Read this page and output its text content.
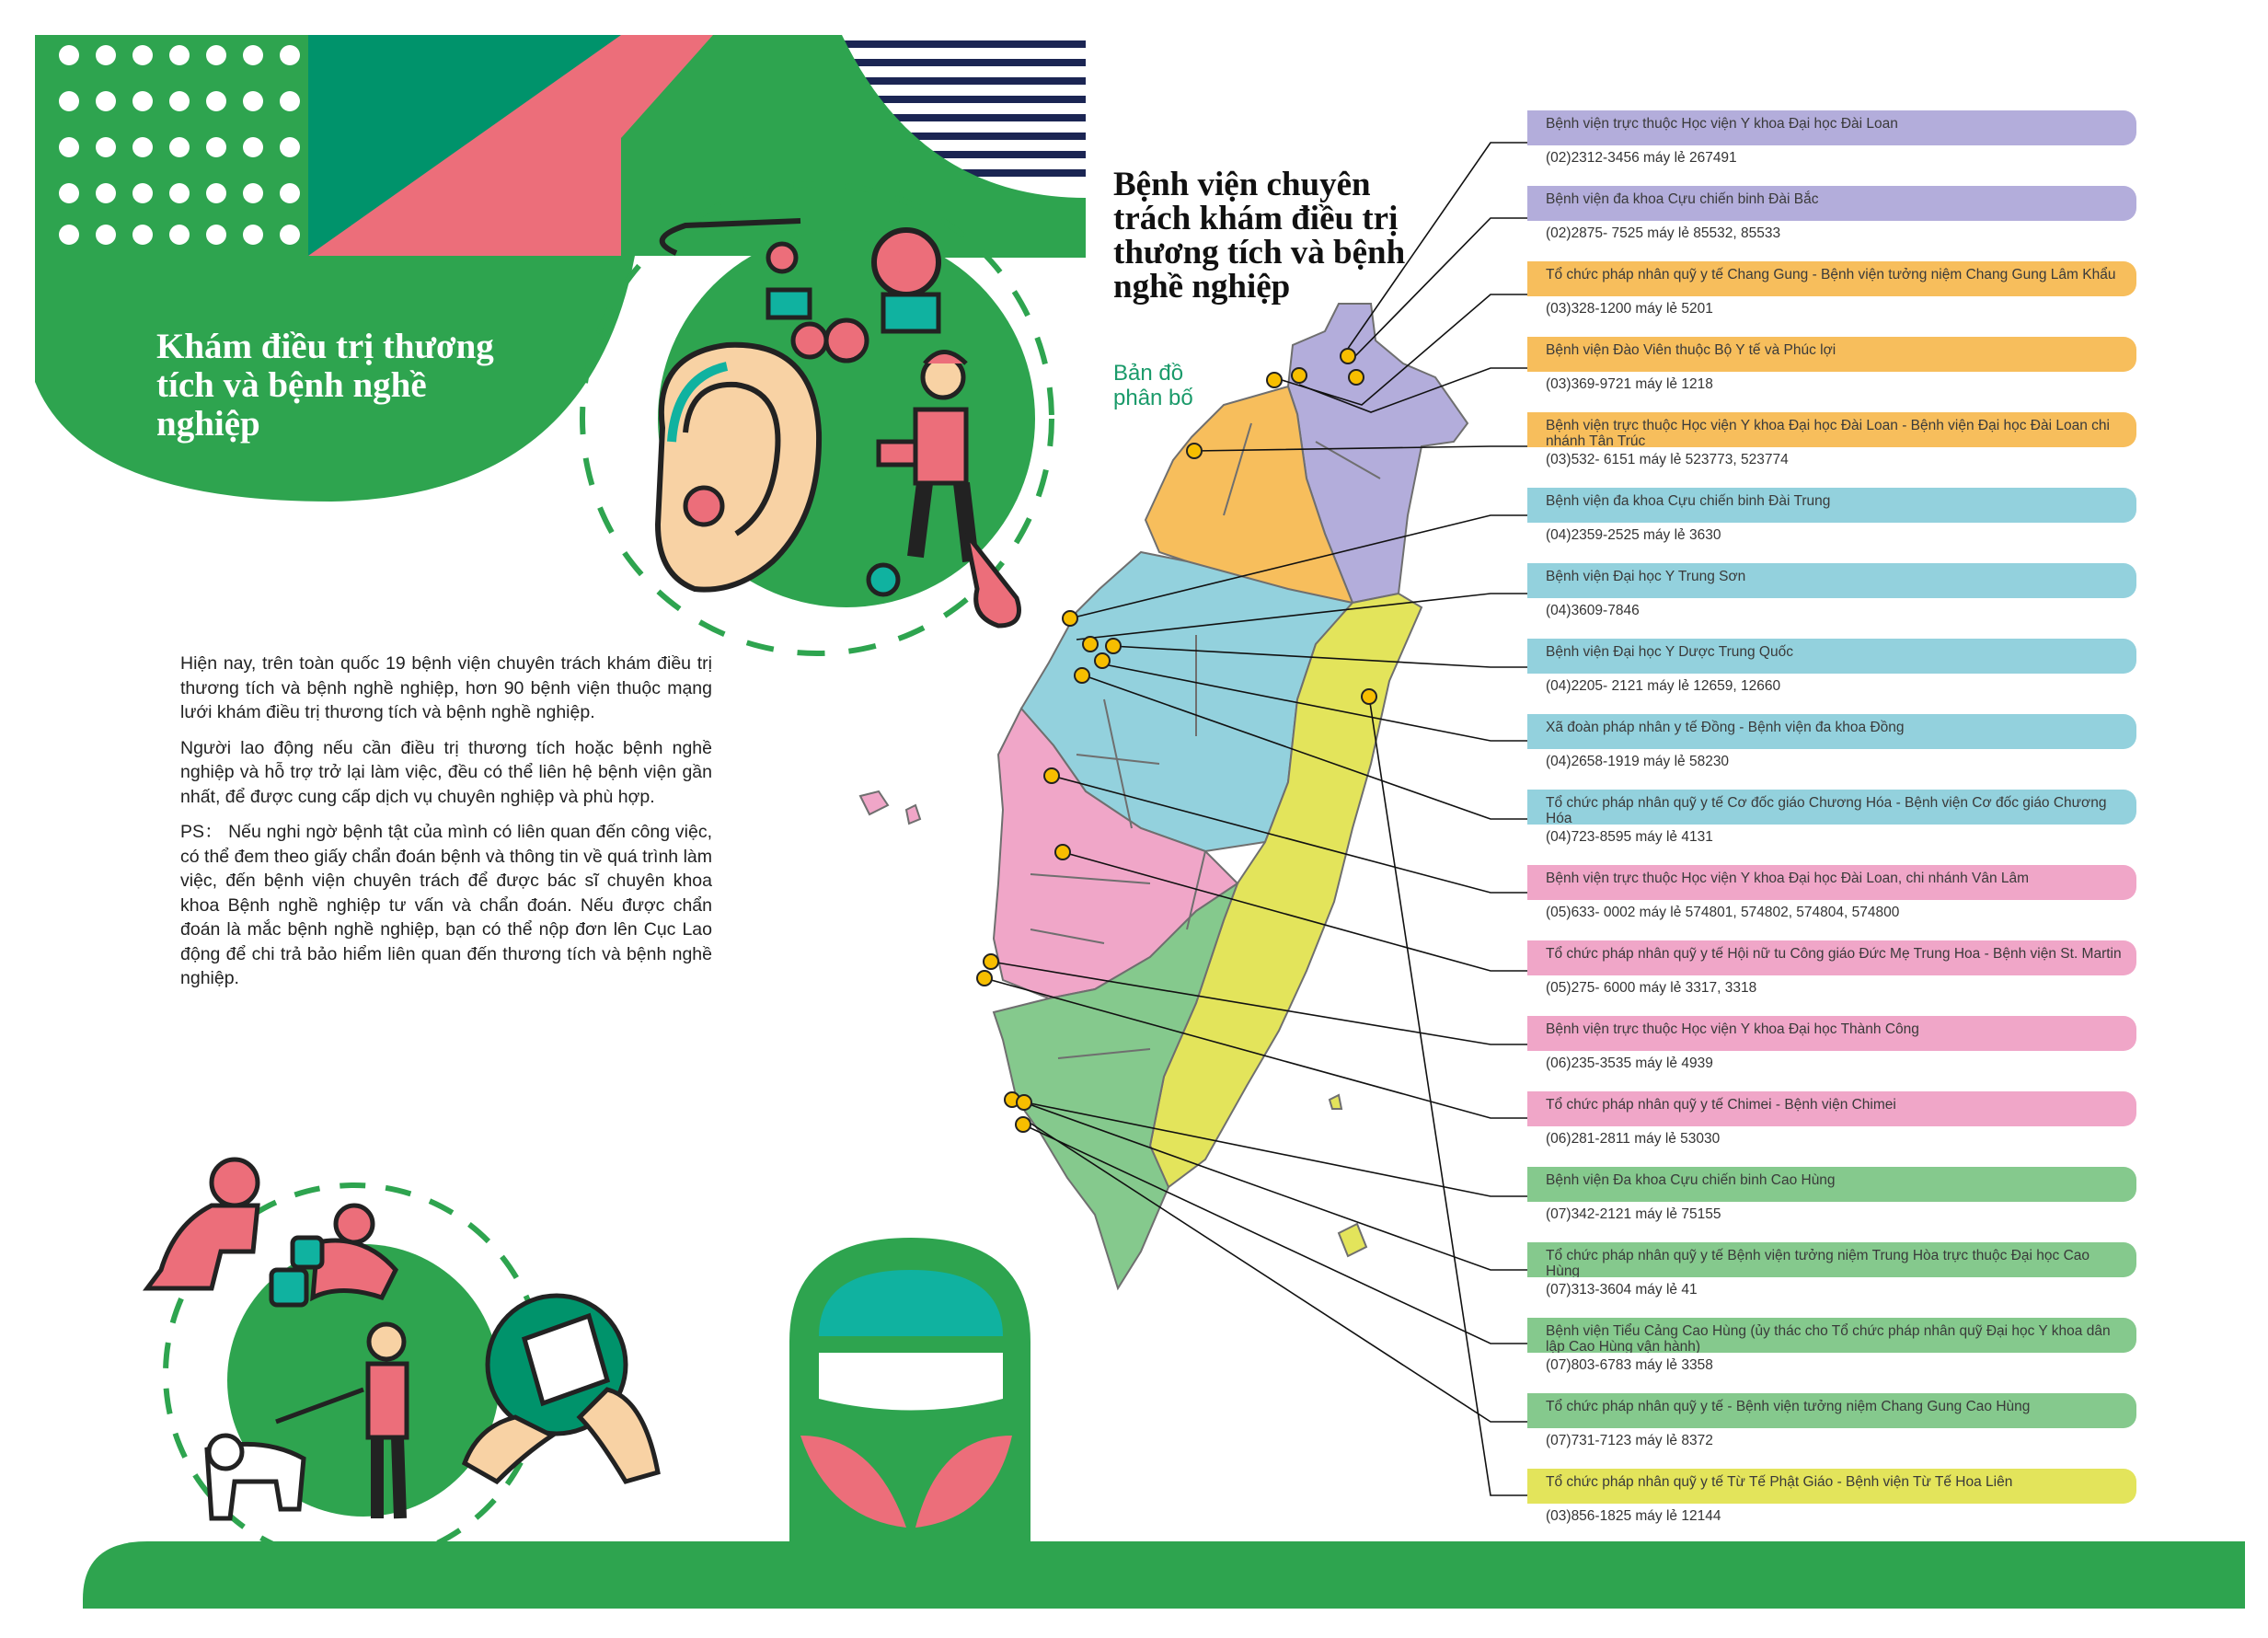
Khám điều trị thương tích và bệnh nghề nghiệp
Bệnh viện chuyên trách khám điều trị thương tích và bệnh nghề nghiệp
Bản đồ phân bố

Hiện nay, trên toàn quốc 19 bệnh viện chuyên trách khám điều trị thương tích và bệnh nghề nghiệp, hơn 90 bệnh viện thuộc mạng lưới khám điều trị thương tích và bệnh nghề nghiệp.

Người lao động nếu cần điều trị thương tích hoặc bệnh nghề nghiệp và hỗ trợ trở lại làm việc, đều có thể liên hệ bệnh viện gần nhất, để được cung cấp dịch vụ chuyên nghiệp và phù hợp.

PS： Nếu nghi ngờ bệnh tật của mình có liên quan đến công việc, có thể đem theo giấy chẩn đoán bệnh và thông tin về quá trình làm việc, đến bệnh viện chuyên trách để được bác sĩ chuyên khoa khoa Bệnh nghề nghiệp tư vấn và chẩn đoán. Nếu được chẩn đoán là mắc bệnh nghề nghiệp, bạn có thể nộp đơn lên Cục Lao động để chi trả bảo hiểm liên quan đến thương tích và bệnh nghề nghiệp.

Bệnh viện trực thuộc Học viện Y khoa Đại học Đài Loan
(02)2312-3456 máy lẻ 267491
Bệnh viện đa khoa Cựu chiến binh Đài Bắc
(02)2875- 7525 máy lẻ 85532, 85533
Tổ chức pháp nhân quỹ y tế Chang Gung - Bệnh viện tưởng niệm Chang Gung Lâm Khẩu
(03)328-1200 máy lẻ 5201
Bệnh viện Đào Viên thuộc Bộ Y tế và Phúc lợi
(03)369-9721 máy lẻ 1218
Bệnh viện trực thuộc Học viện Y khoa Đại học Đài Loan - Bệnh viện Đại học Đài Loan chi nhánh Tân Trúc
(03)532- 6151 máy lẻ 523773, 523774
Bệnh viện đa khoa Cựu chiến binh Đài Trung
(04)2359-2525 máy lẻ 3630
Bệnh viện Đại học Y Trung Sơn
(04)3609-7846
Bệnh viện Đại học Y Dược Trung Quốc
(04)2205- 2121 máy lẻ 12659, 12660
Xã đoàn pháp nhân y tế Đồng - Bệnh viện đa khoa Đồng
(04)2658-1919 máy lẻ 58230
Tổ chức pháp nhân quỹ y tế Cơ đốc giáo Chương Hóa - Bệnh viện Cơ đốc giáo Chương Hóa
(04)723-8595 máy lẻ 4131
Bệnh viện trực thuộc Học viện Y khoa Đại học Đài Loan, chi nhánh Vân Lâm
(05)633- 0002 máy lẻ 574801, 574802, 574804, 574800
Tổ chức pháp nhân quỹ y tế Hội nữ tu Công giáo Đức Mẹ Trung Hoa - Bệnh viện St. Martin
(05)275- 6000 máy lẻ 3317, 3318
Bệnh viện trực thuộc Học viện Y khoa Đại học Thành Công
(06)235-3535 máy lẻ 4939
Tổ chức pháp nhân quỹ y tế Chimei - Bệnh viện Chimei
(06)281-2811 máy lẻ 53030
Bệnh viện Đa khoa Cựu chiến binh Cao Hùng
(07)342-2121 máy lẻ 75155
Tổ chức pháp nhân quỹ y tế Bệnh viện tưởng niệm Trung Hòa trực thuộc Đại học Cao Hùng
(07)313-3604 máy lẻ 41
Bệnh viện Tiểu Cảng Cao Hùng (ủy thác cho Tổ chức pháp nhân quỹ Đại học Y khoa dân lập Cao Hùng vận hành)
(07)803-6783 máy lẻ 3358
Tổ chức pháp nhân quỹ y tế - Bệnh viện tưởng niệm Chang Gung Cao Hùng
(07)731-7123 máy lẻ 8372
Tổ chức pháp nhân quỹ y tế Từ Tế Phật Giáo - Bệnh viện Từ Tế Hoa Liên
(03)856-1825 máy lẻ 12144
